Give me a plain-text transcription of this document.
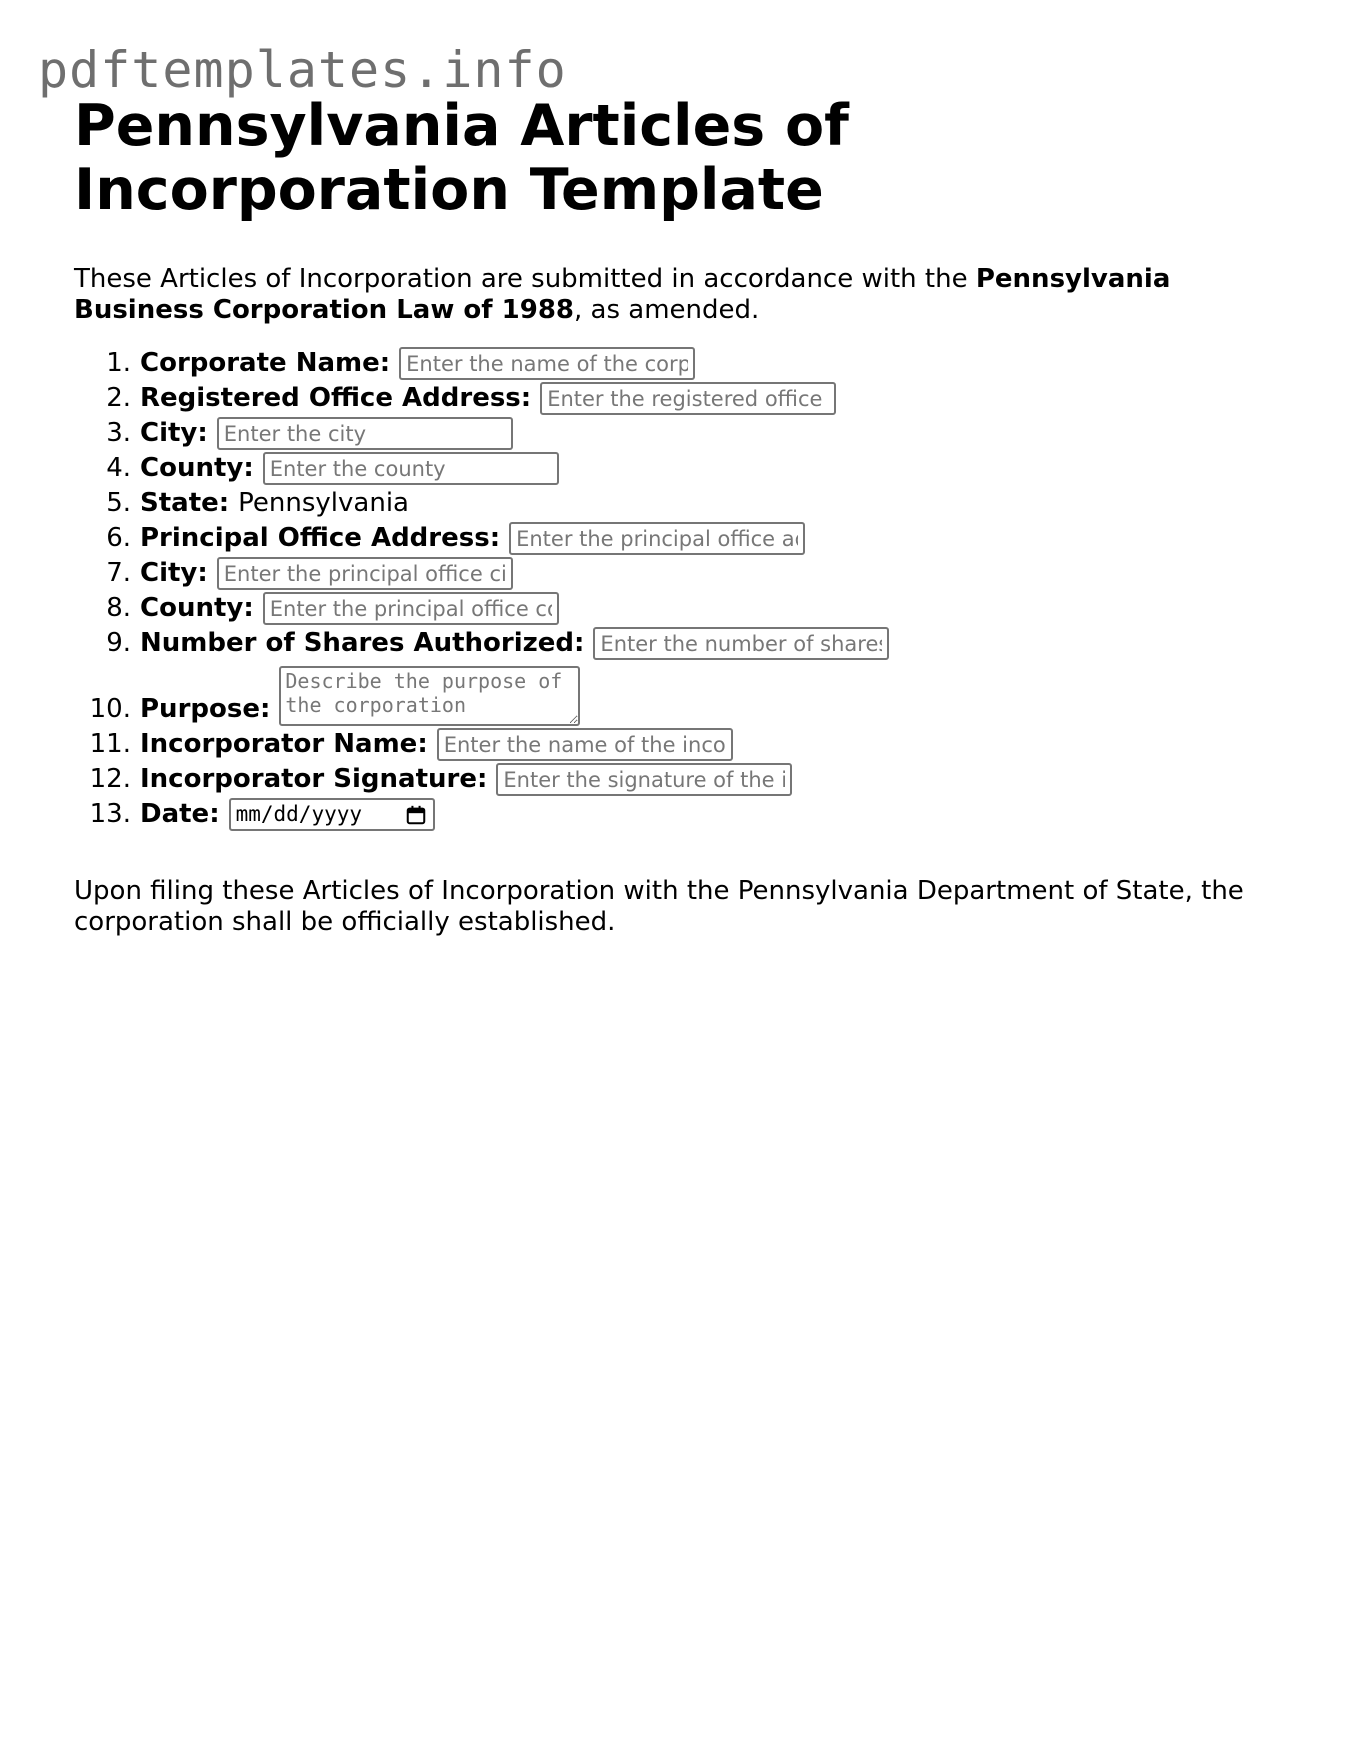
pdftemplates.info
Pennsylvania Articles of Incorporation Template

These Articles of Incorporation are submitted in accordance with the Pennsylvania Business Corporation Law of 1988, as amended.

1. Corporate Name:
Enter the name of the corporation
2. Registered Office Address:
Enter the registered office address
3. City:
Enter the city
4. County:
Enter the county
5. State: Pennsylvania
6. Principal Office Address:
Enter the principal office address
7. City:
Enter the principal office city
8. County:
Enter the principal office county
9. Number of Shares Authorized:
Enter the number of shares
10. Purpose:
Describe the purpose of the corporation
11. Incorporator Name:
Enter the name of the incorporator
12. Incorporator Signature:
Enter the signature of the incorporator
13. Date: mm/dd/yyyy

Upon filing these Articles of Incorporation with the Pennsylvania Department of State, the corporation shall be officially established.
